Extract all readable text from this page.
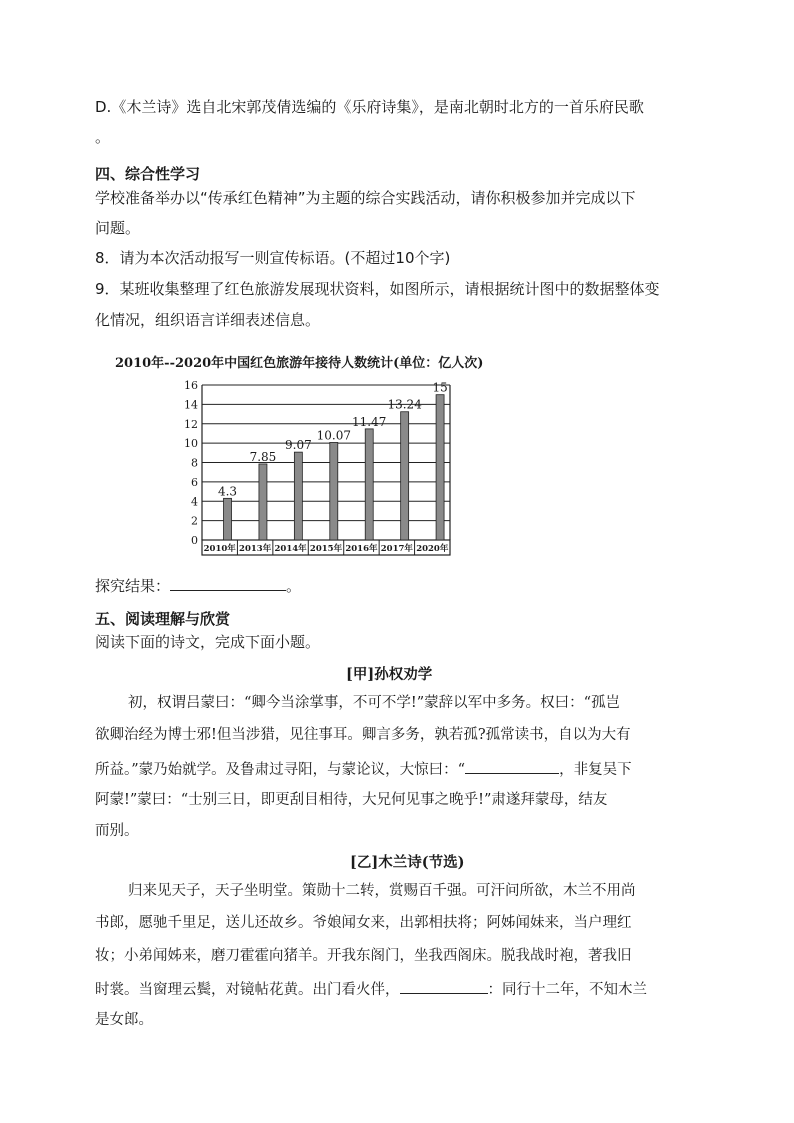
D.《木兰诗》选自北宋郭茂倩选编的《乐府诗集》，是南北朝时北方的一首乐府民歌
。
四、综合性学习
学校准备举办以“传承红色精神”为主题的综合实践活动，请你积极参加并完成以下
问题。
8．请为本次活动报写一则宣传标语。(不超过10个字)
9．某班收集整理了红色旅游发展现状资料，如图所示，请根据统计图中的数据整体变
化情况，组织语言详细表述信息。
2010年--2020年中国红色旅游年接待人数统计(单位：亿人次)
0
2
4
6
8
10
12
14
16
2010年 2013年 2014年 2015年 2016年 2017年 2020年
4.3
7.85
9.07
10.07
11.47
13.24
15
探究结果：	。
五、阅读理解与欣赏
阅读下面的诗文，完成下面小题。
[甲]孙权劝学
初，权谓吕蒙曰：“卿今当涂掌事，不可不学!”蒙辞以军中多务。权曰：“孤岂
欲卿治经为博士邪!但当涉猎，见往事耳。卿言多务，孰若孤?孤常读书，自以为大有
所益。”蒙乃始就学。及鲁肃过寻阳，与蒙论议，大惊曰：“	，非复吴下
阿蒙!”蒙曰：“士别三日，即更刮目相待，大兄何见事之晚乎!”肃遂拜蒙母，结友
而别。
[乙]木兰诗(节选)
归来见天子，天子坐明堂。策勋十二转，赏赐百千强。可汗问所欲，木兰不用尚
书郎，愿驰千里足，送儿还故乡。爷娘闻女来，出郭相扶将；阿姊闻妹来，当户理红
妆；小弟闻姊来，磨刀霍霍向猪羊。开我东阁门，坐我西阁床。脱我战时袍，著我旧
时裳。当窗理云鬓，对镜帖花黄。出门看火伴，	：同行十二年，不知木兰
是女郎。
